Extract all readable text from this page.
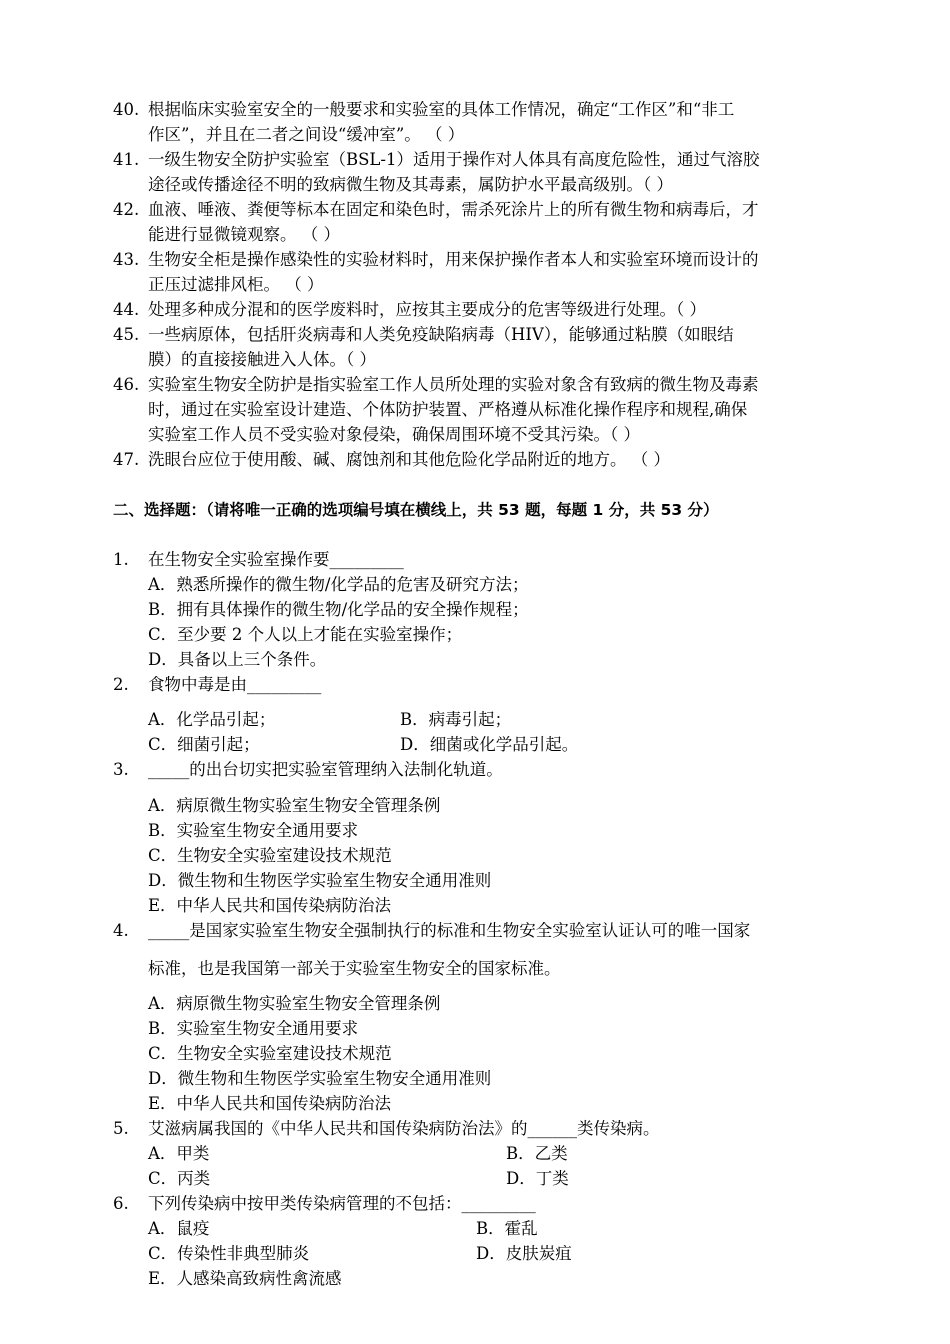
40. 根据临床实验室安全的一般要求和实验室的具体工作情况，确定“工作区”和“非工
作区”，并且在二者之间设“缓冲室”。 （ ）
41. 一级生物安全防护实验室（BSL-1）适用于操作对人体具有高度危险性，通过气溶胶
途径或传播途径不明的致病微生物及其毒素，属防护水平最高级别。（ ）
42. 血液、唾液、粪便等标本在固定和染色时，需杀死涂片上的所有微生物和病毒后，才
能进行显微镜观察。 （ ）
43. 生物安全柜是操作感染性的实验材料时，用来保护操作者本人和实验室环境而设计的
正压过滤排风柜。 （ ）
44. 处理多种成分混和的医学废料时，应按其主要成分的危害等级进行处理。（ ）
45. 一些病原体，包括肝炎病毒和人类免疫缺陷病毒（HIV），能够通过粘膜（如眼结
膜）的直接接触进入人体。（ ）
46. 实验室生物安全防护是指实验室工作人员所处理的实验对象含有致病的微生物及毒素
时，通过在实验室设计建造、个体防护装置、严格遵从标准化操作程序和规程,确保
实验室工作人员不受实验对象侵染，确保周围环境不受其污染。（ ）
47. 洗眼台应位于使用酸、碱、腐蚀剂和其他危险化学品附近的地方。 （ ）
二、选择题：（请将唯一正确的选项编号填在横线上，共 53 题，每题 1 分，共 53 分）
1. 在生物安全实验室操作要_________
A．熟悉所操作的微生物/化学品的危害及研究方法；
B．拥有具体操作的微生物/化学品的安全操作规程；
C．至少要 2 个人以上才能在实验室操作；
D．具备以上三个条件。
2. 食物中毒是由_________
A．化学品引起；	B．病毒引起；
C．细菌引起；	D．细菌或化学品引起。
3. _____的出台切实把实验室管理纳入法制化轨道。
A．病原微生物实验室生物安全管理条例
B．实验室生物安全通用要求
C．生物安全实验室建设技术规范
D．微生物和生物医学实验室生物安全通用准则
E．中华人民共和国传染病防治法
4. _____是国家实验室生物安全强制执行的标准和生物安全实验室认证认可的唯一国家
标准，也是我国第一部关于实验室生物安全的国家标准。
A．病原微生物实验室生物安全管理条例
B．实验室生物安全通用要求
C．生物安全实验室建设技术规范
D．微生物和生物医学实验室生物安全通用准则
E．中华人民共和国传染病防治法
5. 艾滋病属我国的《中华人民共和国传染病防治法》的______类传染病。
A．甲类	B．乙类
C．丙类	D．丁类
6. 下列传染病中按甲类传染病管理的不包括：_________
A．鼠疫	B．霍乱
C．传染性非典型肺炎	D．皮肤炭疽
E．人感染高致病性禽流感
